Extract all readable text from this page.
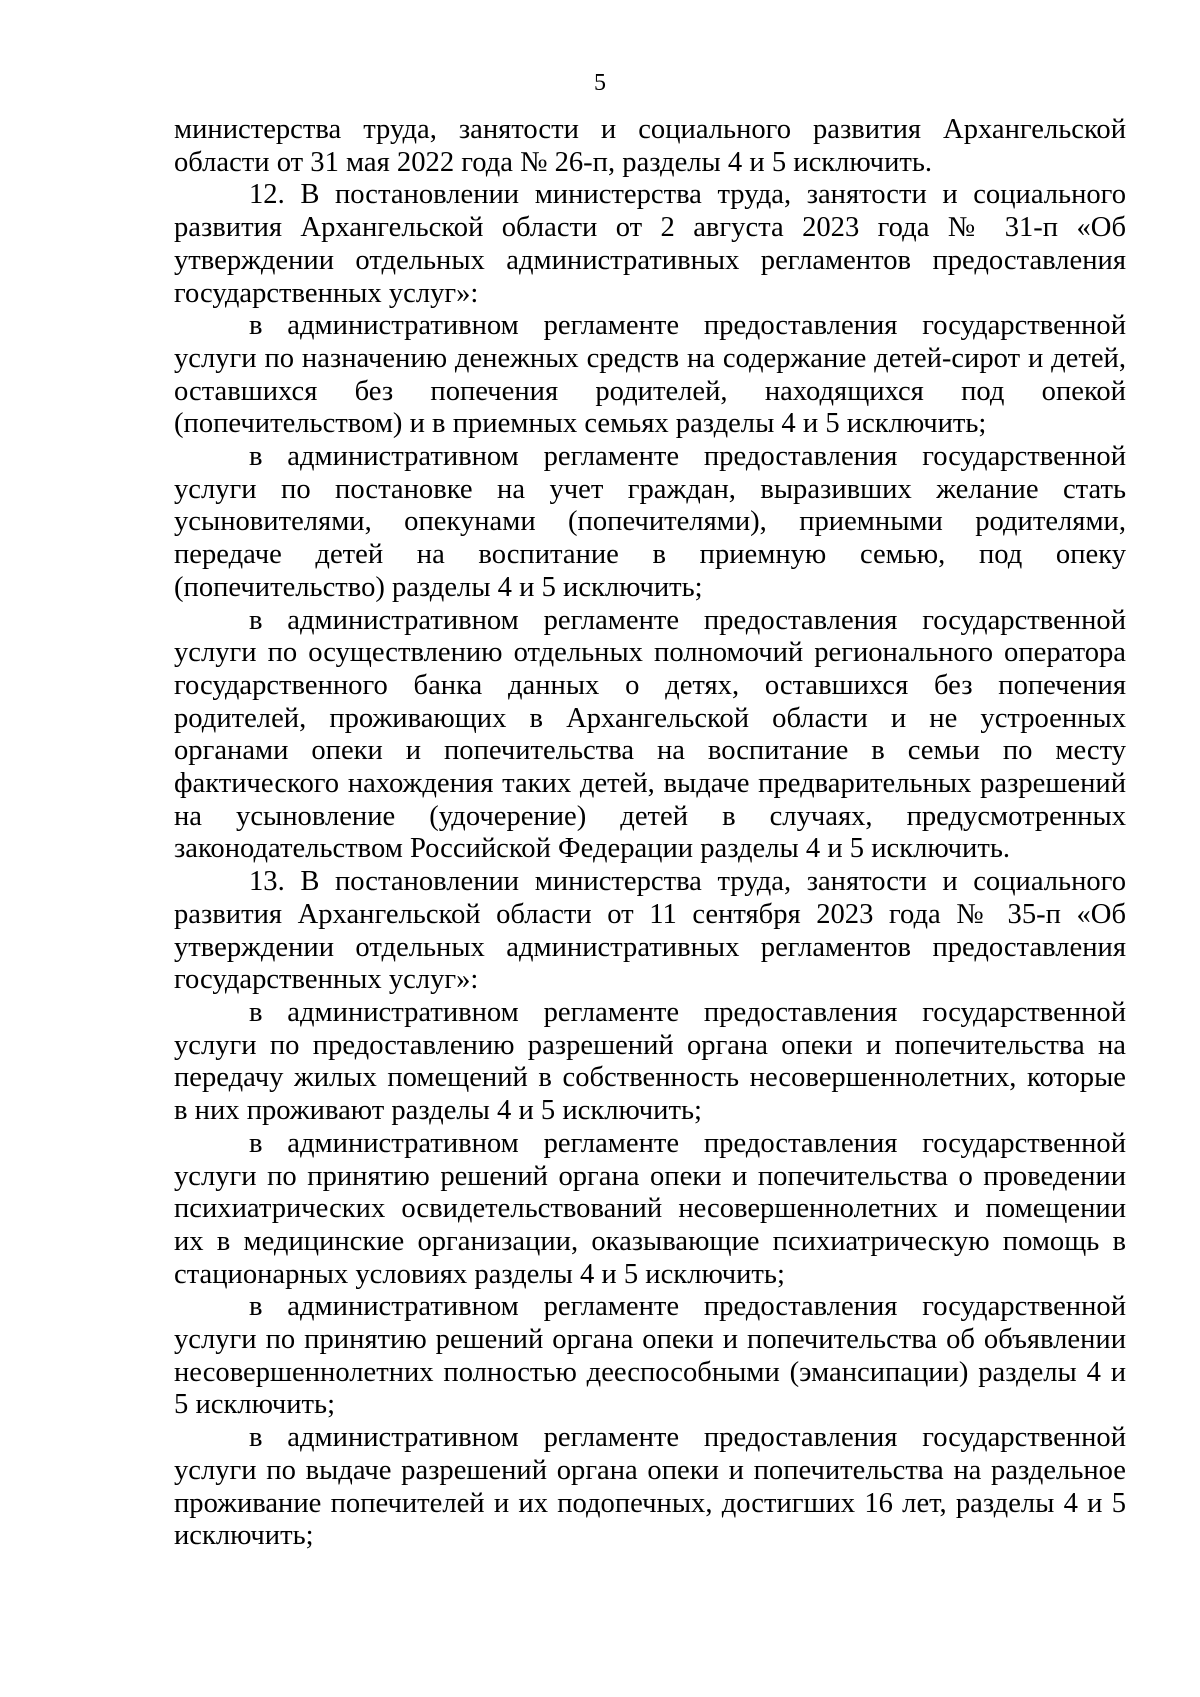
5

министерства труда, занятости и социального развития Архангельской области от 31 мая 2022 года № 26-п, разделы 4 и 5 исключить.

12. В постановлении министерства труда, занятости и социального развития Архангельской области от 2 августа 2023 года № 31-п «Об утверждении отдельных административных регламентов предоставления государственных услуг»:

в административном регламенте предоставления государственной услуги по назначению денежных средств на содержание детей-сирот и детей, оставшихся без попечения родителей, находящихся под опекой (попечительством) и в приемных семьях разделы 4 и 5 исключить;

в административном регламенте предоставления государственной услуги по постановке на учет граждан, выразивших желание стать усыновителями, опекунами (попечителями), приемными родителями, передаче детей на воспитание в приемную семью, под опеку (попечительство) разделы 4 и 5 исключить;

в административном регламенте предоставления государственной услуги по осуществлению отдельных полномочий регионального оператора государственного банка данных о детях, оставшихся без попечения родителей, проживающих в Архангельской области и не устроенных органами опеки и попечительства на воспитание в семьи по месту фактического нахождения таких детей, выдаче предварительных разрешений на усыновление (удочерение) детей в случаях, предусмотренных законодательством Российской Федерации разделы 4 и 5 исключить.

13. В постановлении министерства труда, занятости и социального развития Архангельской области от 11 сентября 2023 года № 35-п «Об утверждении отдельных административных регламентов предоставления государственных услуг»:

в административном регламенте предоставления государственной услуги по предоставлению разрешений органа опеки и попечительства на передачу жилых помещений в собственность несовершеннолетних, которые в них проживают разделы 4 и 5 исключить;

в административном регламенте предоставления государственной услуги по принятию решений органа опеки и попечительства о проведении психиатрических освидетельствований несовершеннолетних и помещении их в медицинские организации, оказывающие психиатрическую помощь в стационарных условиях разделы 4 и 5 исключить;

в административном регламенте предоставления государственной услуги по принятию решений органа опеки и попечительства об объявлении несовершеннолетних полностью дееспособными (эмансипации) разделы 4 и 5 исключить;

в административном регламенте предоставления государственной услуги по выдаче разрешений органа опеки и попечительства на раздельное проживание попечителей и их подопечных, достигших 16 лет, разделы 4 и 5 исключить;
